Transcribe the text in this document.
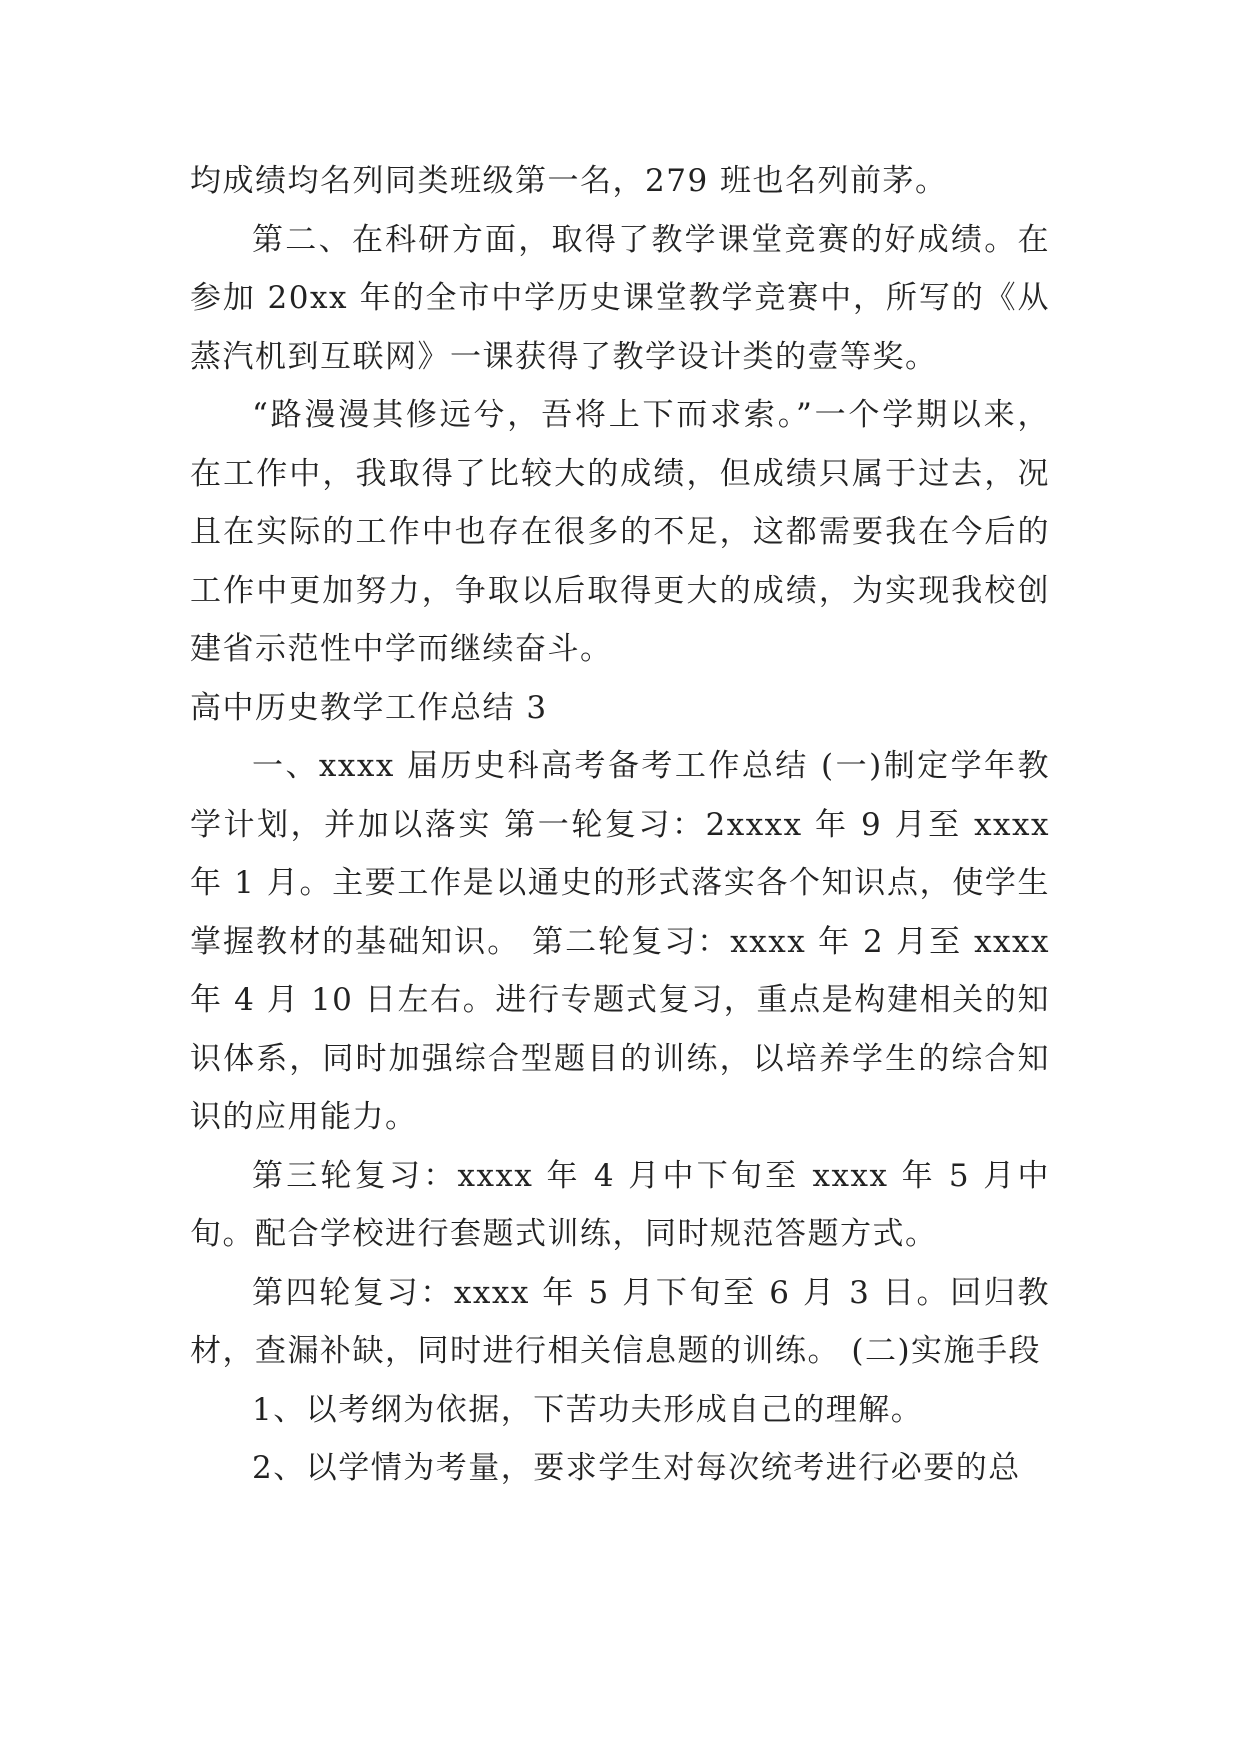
均成绩均名列同类班级第一名，279 班也名列前茅。

第二、在科研方面，取得了教学课堂竞赛的好成绩。在参加 20xx 年的全市中学历史课堂教学竞赛中，所写的《从蒸汽机到互联网》一课获得了教学设计类的壹等奖。

“路漫漫其修远兮，吾将上下而求索。”一个学期以来，在工作中，我取得了比较大的成绩，但成绩只属于过去，况且在实际的工作中也存在很多的不足，这都需要我在今后的工作中更加努力，争取以后取得更大的成绩，为实现我校创建省示范性中学而继续奋斗。

高中历史教学工作总结 3

一、xxxx 届历史科高考备考工作总结 (一)制定学年教学计划，并加以落实 第一轮复习：2xxxx 年 9 月至 xxxx 年 1 月。主要工作是以通史的形式落实各个知识点，使学生掌握教材的基础知识。 第二轮复习：xxxx 年 2 月至 xxxx 年 4 月 10 日左右。进行专题式复习，重点是构建相关的知识体系，同时加强综合型题目的训练，以培养学生的综合知识的应用能力。

第三轮复习：xxxx 年 4 月中下旬至 xxxx 年 5 月中旬。配合学校进行套题式训练，同时规范答题方式。

第四轮复习：xxxx 年 5 月下旬至 6 月 3 日。回归教材，查漏补缺，同时进行相关信息题的训练。 (二)实施手段

1、以考纲为依据，下苦功夫形成自己的理解。

2、以学情为考量，要求学生对每次统考进行必要的总
